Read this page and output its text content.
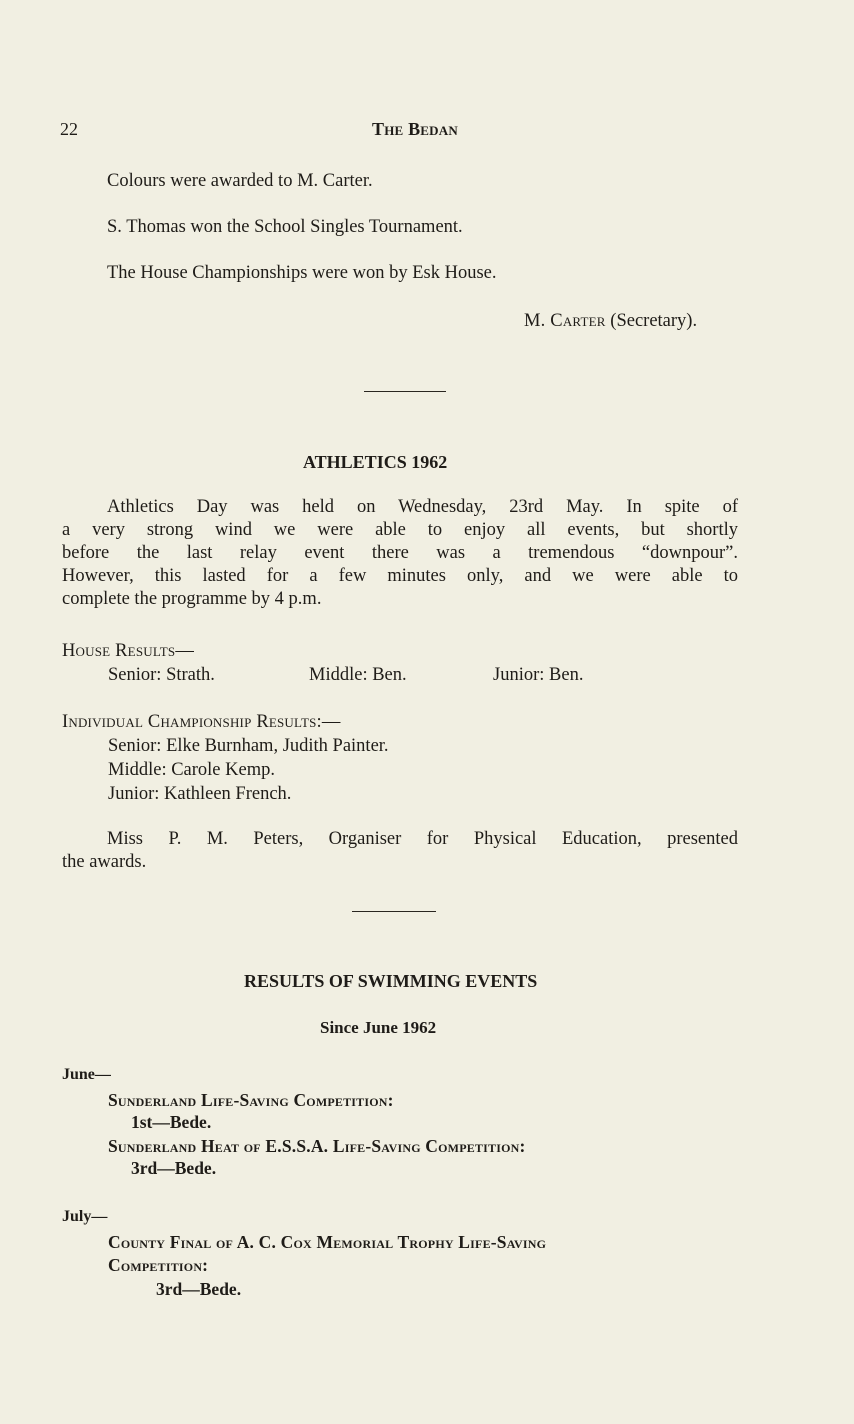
22	The Bedan
Colours were awarded to M. Carter.
S. Thomas won the School Singles Tournament.
The House Championships were won by Esk House.
M. Carter (Secretary).
ATHLETICS 1962
Athletics Day was held on Wednesday, 23rd May. In spite of
a very strong wind we were able to enjoy all events, but shortly
before the last relay event there was a tremendous “downpour”.
However, this lasted for a few minutes only, and we were able to
complete the programme by 4 p.m.
House Results—
Senior: Strath.	Middle: Ben.	Junior: Ben.
Individual Championship Results:—
Senior: Elke Burnham, Judith Painter.
Middle: Carole Kemp.
Junior: Kathleen French.
Miss P. M. Peters, Organiser for Physical Education, presented
the awards.
RESULTS OF SWIMMING EVENTS
Since June 1962
June—
Sunderland Life-Saving Competition:
1st—Bede.
Sunderland Heat of E.S.S.A. Life-Saving Competition:
3rd—Bede.
July—
County Final of A. C. Cox Memorial Trophy Life-Saving
Competition:
3rd—Bede.
